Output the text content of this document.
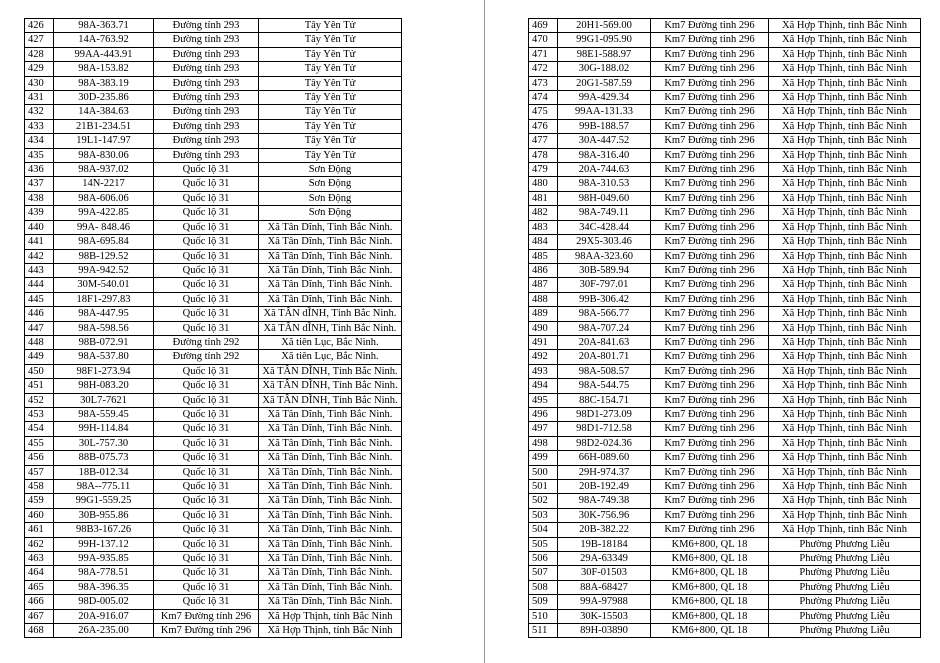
426	98A-363.71	Đường tỉnh 293	Tây Yên Tử
427	14A-763.92	Đường tỉnh 293	Tây Yên Tử
428	99AA-443.91	Đường tỉnh 293	Tây Yên Tử
429	98A-153.82	Đường tỉnh 293	Tây Yên Tử
430	98A-383.19	Đường tỉnh 293	Tây Yên Tử
431	30D-235.86	Đường tỉnh 293	Tây Yên Tử
432	14A-384.63	Đường tỉnh 293	Tây Yên Tử
433	21B1-234.51	Đường tỉnh 293	Tây Yên Tử
434	19L1-147.97	Đường tỉnh 293	Tây Yên Tử
435	98A-830.06	Đường tỉnh 293	Tây Yên Tử
436	98A-937.02	Quốc lộ 31	Sơn Động
437	14N-2217	Quốc lộ 31	Sơn Động
438	98A-606.06	Quốc lộ 31	Sơn Động
439	99A-422.85	Quốc lộ 31	Sơn Động
440	99A- 848.46	Quốc lộ 31	Xã Tân Dĩnh, Tỉnh Bắc Ninh.
441	98A-695.84	Quốc lộ 31	Xã Tân Dĩnh, Tỉnh Bắc Ninh.
442	98B-129.52	Quốc lộ 31	Xã Tân Dĩnh, Tỉnh Bắc Ninh.
443	99A-942.52	Quốc lộ 31	Xã Tân Dĩnh, Tỉnh Bắc Ninh.
444	30M-540.01	Quốc lộ 31	Xã Tân Dĩnh, Tỉnh Bắc Ninh.
445	18F1-297.83	Quốc lộ 31	Xã Tân Dĩnh, Tỉnh Bắc Ninh.
446	98A-447.95	Quốc lộ 31	Xã TÂN dĨNH, Tỉnh Bắc Ninh.
447	98A-598.56	Quốc lộ 31	Xã TÂN dĨNH, Tỉnh Bắc Ninh.
448	98B-072.91	Đường tỉnh 292	Xã tiên Lục, Bắc Ninh.
449	98A-537.80	Đường tỉnh 292	Xã tiên Lục, Bắc Ninh.
450	98F1-273.94	Quốc lộ 31	Xã TÂN DĨNH, Tỉnh Bắc Ninh.
451	98H-083.20	Quốc lộ 31	Xã TÂN DĨNH, Tỉnh Bắc Ninh.
452	30L7-7621	Quốc lộ 31	Xã TÂN DĨNH, Tỉnh Bắc Ninh.
453	98A-559.45	Quốc lộ 31	Xã Tân Dĩnh, Tỉnh Bắc Ninh.
454	99H-114.84	Quốc lộ 31	Xã Tân Dĩnh, Tỉnh Bắc Ninh.
455	30L-757.30	Quốc lộ 31	Xã Tân Dĩnh, Tỉnh Bắc Ninh.
456	88B-075.73	Quốc lộ 31	Xã Tân Dĩnh, Tỉnh Bắc Ninh.
457	18B-012.34	Quốc lộ 31	Xã Tân Dĩnh, Tỉnh Bắc Ninh.
458	98A--775.11	Quốc lộ 31	Xã Tân Dĩnh, Tỉnh Bắc Ninh.
459	99G1-559.25	Quốc lộ 31	Xã Tân Dĩnh, Tỉnh Bắc Ninh.
460	30B-955.86	Quốc lộ 31	Xã Tân Dĩnh, Tỉnh Bắc Ninh.
461	98B3-167.26	Quốc lộ 31	Xã Tân Dĩnh, Tỉnh Bắc Ninh.
462	99H-137.12	Quốc lộ 31	Xã Tân Dĩnh, Tỉnh Bắc Ninh.
463	99A-935.85	Quốc lộ 31	Xã Tân Dĩnh, Tỉnh Bắc Ninh.
464	98A-778.51	Quốc lộ 31	Xã Tân Dĩnh, Tỉnh Bắc Ninh.
465	98A-396.35	Quốc lộ 31	Xã Tân Dĩnh, Tỉnh Bắc Ninh.
466	98D-005.02	Quốc lộ 31	Xã Tân Dĩnh, Tỉnh Bắc Ninh.
467	20A-916.07	Km7 Đường tỉnh 296	Xã Hợp Thịnh, tỉnh Bắc Ninh
468	26A-235.00	Km7 Đường tỉnh 296	Xã Hợp Thịnh, tỉnh Bắc Ninh
469	20H1-569.00	Km7 Đường tỉnh 296	Xã Hợp Thịnh, tỉnh Bắc Ninh
470	99G1-095.90	Km7 Đường tỉnh 296	Xã Hợp Thịnh, tỉnh Bắc Ninh
471	98E1-588.97	Km7 Đường tỉnh 296	Xã Hợp Thịnh, tỉnh Bắc Ninh
472	30G-188.02	Km7 Đường tỉnh 296	Xã Hợp Thịnh, tỉnh Bắc Ninh
473	20G1-587.59	Km7 Đường tỉnh 296	Xã Hợp Thịnh, tỉnh Bắc Ninh
474	99A-429.34	Km7 Đường tỉnh 296	Xã Hợp Thịnh, tỉnh Bắc Ninh
475	99AA-131.33	Km7 Đường tỉnh 296	Xã Hợp Thịnh, tỉnh Bắc Ninh
476	99B-188.57	Km7 Đường tỉnh 296	Xã Hợp Thịnh, tỉnh Bắc Ninh
477	30A-447.52	Km7 Đường tỉnh 296	Xã Hợp Thịnh, tỉnh Bắc Ninh
478	98A-316.40	Km7 Đường tỉnh 296	Xã Hợp Thịnh, tỉnh Bắc Ninh
479	20A-744.63	Km7 Đường tỉnh 296	Xã Hợp Thịnh, tỉnh Bắc Ninh
480	98A-310.53	Km7 Đường tỉnh 296	Xã Hợp Thịnh, tỉnh Bắc Ninh
481	98H-049.60	Km7 Đường tỉnh 296	Xã Hợp Thịnh, tỉnh Bắc Ninh
482	98A-749.11	Km7 Đường tỉnh 296	Xã Hợp Thịnh, tỉnh Bắc Ninh
483	34C-428.44	Km7 Đường tỉnh 296	Xã Hợp Thịnh, tỉnh Bắc Ninh
484	29X5-303.46	Km7 Đường tỉnh 296	Xã Hợp Thịnh, tỉnh Bắc Ninh
485	98AA-323.60	Km7 Đường tỉnh 296	Xã Hợp Thịnh, tỉnh Bắc Ninh
486	30B-589.94	Km7 Đường tỉnh 296	Xã Hợp Thịnh, tỉnh Bắc Ninh
487	30F-797.01	Km7 Đường tỉnh 296	Xã Hợp Thịnh, tỉnh Bắc Ninh
488	99B-306.42	Km7 Đường tỉnh 296	Xã Hợp Thịnh, tỉnh Bắc Ninh
489	98A-566.77	Km7 Đường tỉnh 296	Xã Hợp Thịnh, tỉnh Bắc Ninh
490	98A-707.24	Km7 Đường tỉnh 296	Xã Hợp Thịnh, tỉnh Bắc Ninh
491	20A-841.63	Km7 Đường tỉnh 296	Xã Hợp Thịnh, tỉnh Bắc Ninh
492	20A-801.71	Km7 Đường tỉnh 296	Xã Hợp Thịnh, tỉnh Bắc Ninh
493	98A-508.57	Km7 Đường tỉnh 296	Xã Hợp Thịnh, tỉnh Bắc Ninh
494	98A-544.75	Km7 Đường tỉnh 296	Xã Hợp Thịnh, tỉnh Bắc Ninh
495	88C-154.71	Km7 Đường tỉnh 296	Xã Hợp Thịnh, tỉnh Bắc Ninh
496	98D1-273.09	Km7 Đường tỉnh 296	Xã Hợp Thịnh, tỉnh Bắc Ninh
497	98D1-712.58	Km7 Đường tỉnh 296	Xã Hợp Thịnh, tỉnh Bắc Ninh
498	98D2-024.36	Km7 Đường tỉnh 296	Xã Hợp Thịnh, tỉnh Bắc Ninh
499	66H-089.60	Km7 Đường tỉnh 296	Xã Hợp Thịnh, tỉnh Bắc Ninh
500	29H-974.37	Km7 Đường tỉnh 296	Xã Hợp Thịnh, tỉnh Bắc Ninh
501	20B-192.49	Km7 Đường tỉnh 296	Xã Hợp Thịnh, tỉnh Bắc Ninh
502	98A-749.38	Km7 Đường tỉnh 296	Xã Hợp Thịnh, tỉnh Bắc Ninh
503	30K-756.96	Km7 Đường tỉnh 296	Xã Hợp Thịnh, tỉnh Bắc Ninh
504	20B-382.22	Km7 Đường tỉnh 296	Xã Hợp Thịnh, tỉnh Bắc Ninh
505	19B-18184	KM6+800, QL 18	Phường Phương Liễu
506	29A-63349	KM6+800, QL 18	Phường Phương Liễu
507	30F-01503	KM6+800, QL 18	Phường Phương Liễu
508	88A-68427	KM6+800, QL 18	Phường Phương Liễu
509	99A-97988	KM6+800, QL 18	Phường Phương Liễu
510	30K-15503	KM6+800, QL 18	Phường Phương Liễu
511	89H-03890	KM6+800, QL 18	Phường Phương Liễu
